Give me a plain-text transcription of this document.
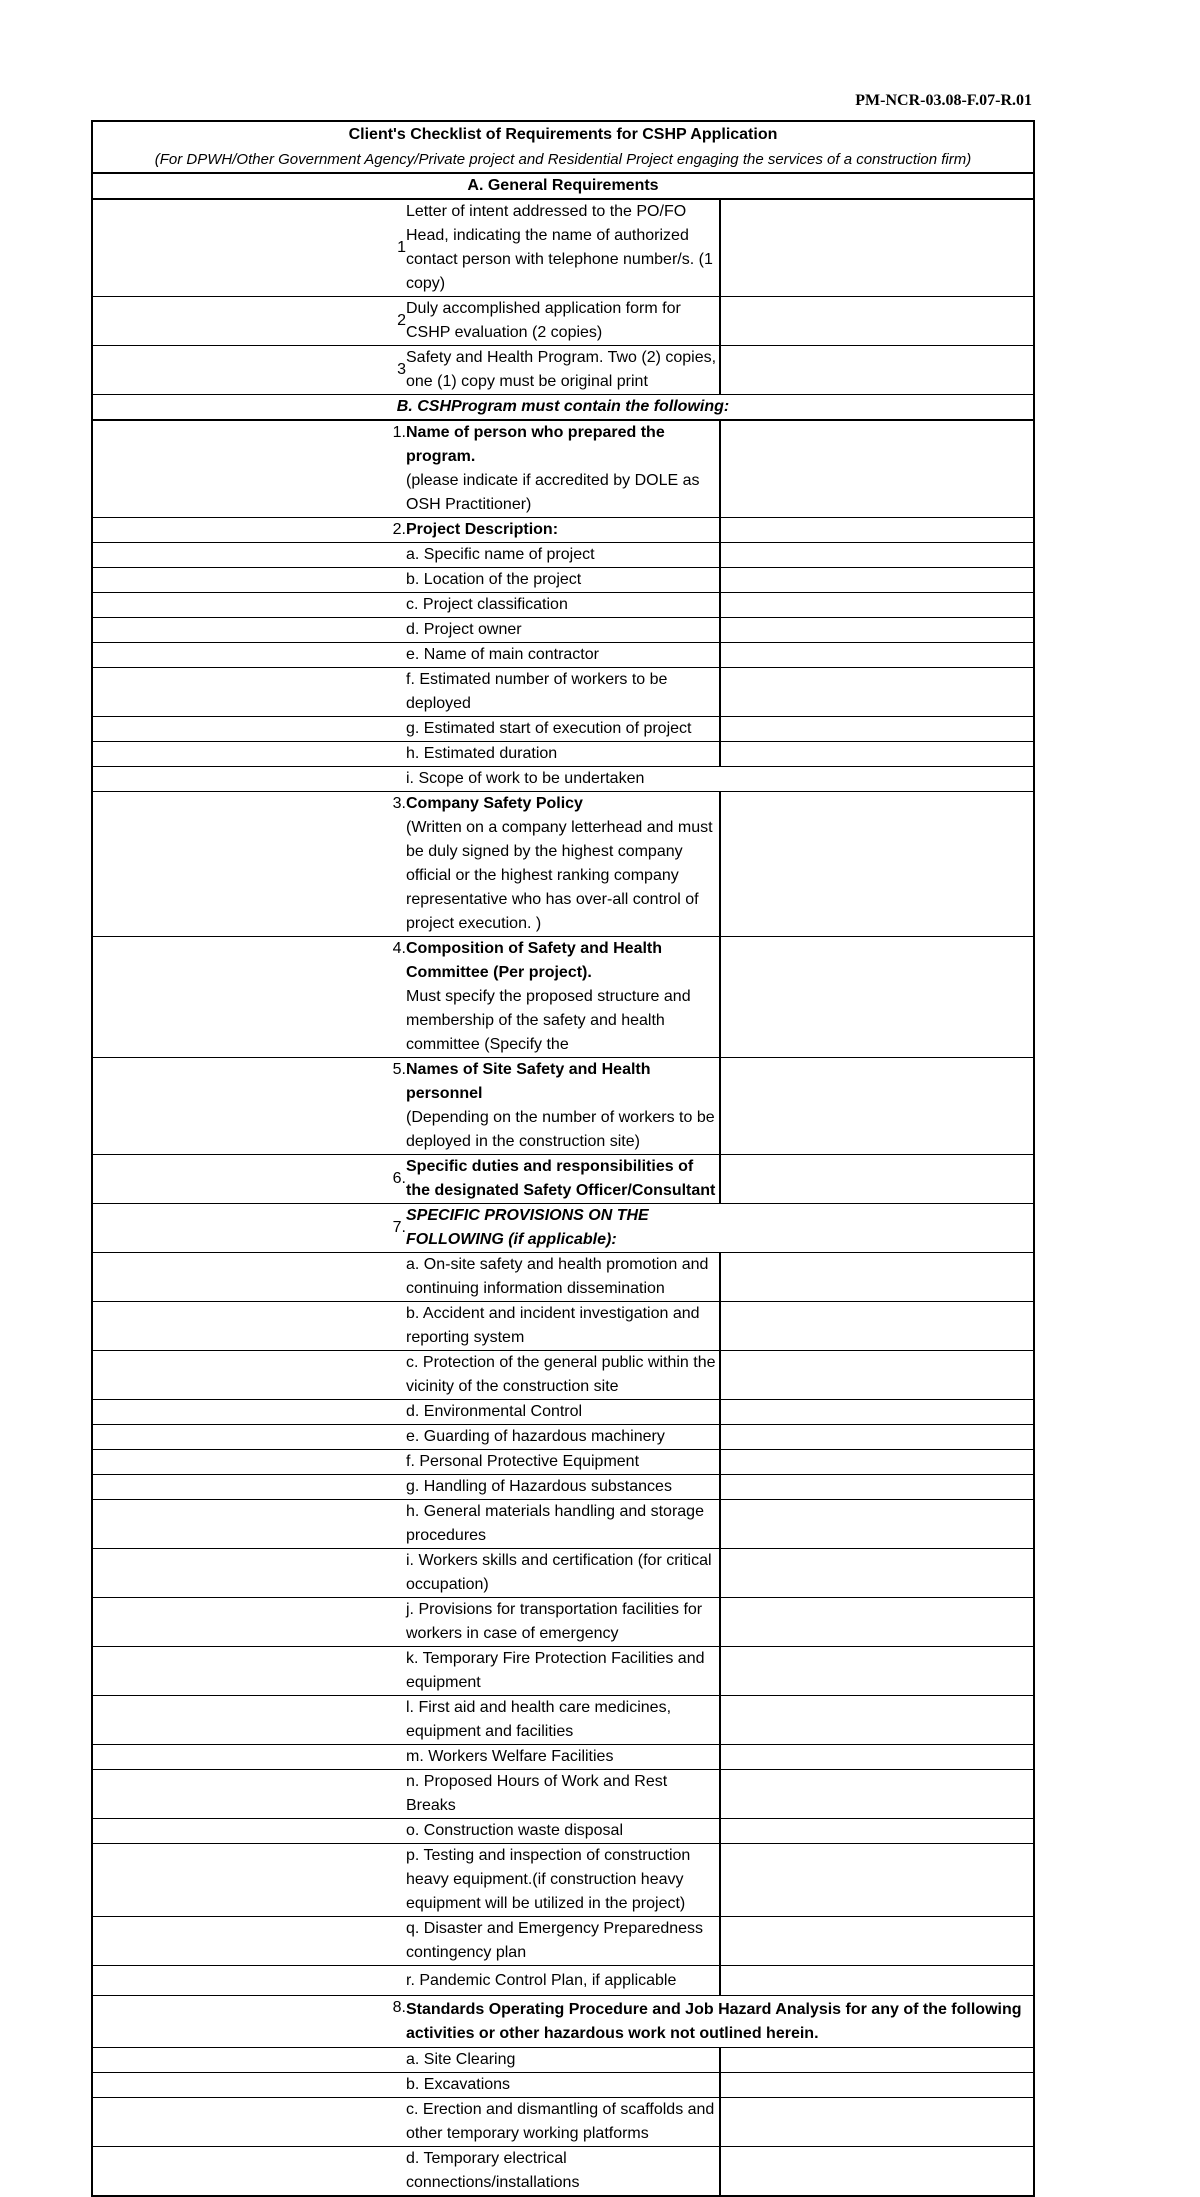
PM-NCR-03.08-F.07-R.01
Client's Checklist of Requirements for CSHP Application
(For DPWH/Other Government Agency/Private project and Residential Project engaging the services of a construction firm)		

A. General Requirements		
1	Letter of intent addressed to the PO/FO Head, indicating the name of authorized contact person with telephone number/s. (1 copy)	
2	Duly accomplished application form for CSHP evaluation (2 copies)	
3	Safety and Health Program. Two (2) copies, one (1) copy must be original print	
B. CSHProgram must contain the following:		
1.	Name of person who prepared the program.
(please indicate if accredited by DOLE as OSH Practitioner)	

2.	Project Description:	
	a. Specific name of project	
	b. Location of the project	
	c. Project classification	
	d. Project owner	
	e. Name of main contractor	
	f. Estimated number of workers to be deployed	
	g. Estimated start of execution of project	
	h. Estimated duration	
	i. Scope of work to be undertaken	
3.	Company Safety Policy
(Written on a company letterhead and must be duly signed by the highest company official or the highest ranking company representative who has over-all control of project execution. )	

4.	Composition of Safety and Health Committee (Per project).
Must specify the proposed structure and membership of the safety and health committee (Specify the	

5.	Names of Site Safety and Health personnel
(Depending on the number of workers to be deployed in the construction site)	

6.	Specific duties and responsibilities of the designated Safety Officer/Consultant	
7.	SPECIFIC PROVISIONS ON THE FOLLOWING (if applicable):	
	a. On-site safety and health promotion and continuing information dissemination	
	b. Accident and incident investigation and reporting system	
	c. Protection of the general public within the vicinity of the construction site	
	d. Environmental Control	
	e. Guarding of hazardous machinery	
	f. Personal Protective Equipment	
	g. Handling of Hazardous substances	
	h. General materials handling and storage procedures	
	i. Workers skills and certification (for critical occupation)	
	j. Provisions for transportation facilities for workers in case of emergency	
	k. Temporary Fire Protection Facilities and equipment	
	l. First aid and health care medicines, equipment and facilities	
	m. Workers Welfare Facilities	
	n. Proposed Hours of Work and Rest Breaks	
	o. Construction waste disposal	
	p. Testing and inspection of construction heavy equipment.(if construction heavy equipment will be utilized in the project)	
	q. Disaster and Emergency Preparedness contingency plan	
	r. Pandemic Control Plan, if applicable	
8.	Standards Operating Procedure and Job Hazard Analysis for any of the following activities or other hazardous work not outlined herein.	
	a. Site Clearing	
	b. Excavations	
	c. Erection and dismantling of scaffolds and other temporary working platforms	
	d. Temporary electrical connections/installations	
